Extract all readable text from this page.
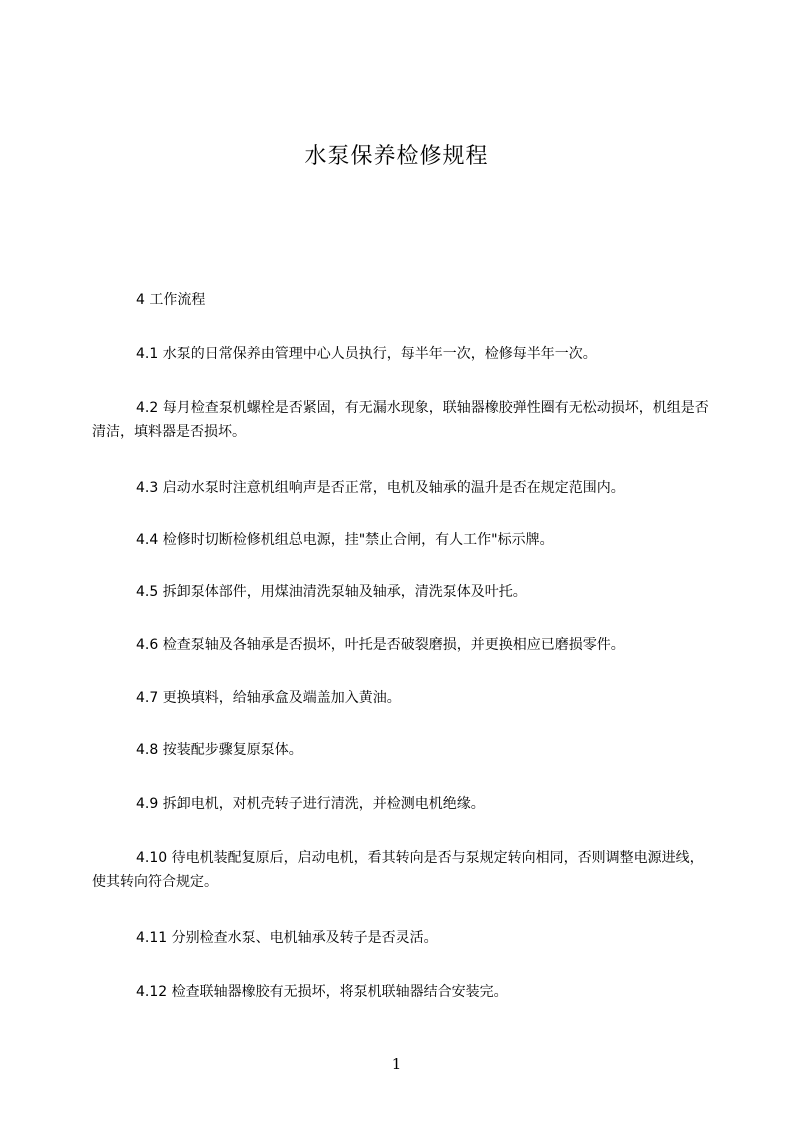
水泵保养检修规程
4 工作流程
4.1 水泵的日常保养由管理中心人员执行，每半年一次，检修每半年一次。
4.2 每月检查泵机螺栓是否紧固，有无漏水现象，联轴器橡胶弹性圈有无松动损坏，机组是否清洁，填料器是否损坏。
4.3 启动水泵时注意机组响声是否正常，电机及轴承的温升是否在规定范围内。
4.4 检修时切断检修机组总电源，挂"禁止合闸，有人工作"标示牌。
4.5 拆卸泵体部件，用煤油清洗泵轴及轴承，清洗泵体及叶托。
4.6 检查泵轴及各轴承是否损坏，叶托是否破裂磨损，并更换相应已磨损零件。
4.7 更换填料，给轴承盒及端盖加入黄油。
4.8 按装配步骤复原泵体。
4.9 拆卸电机，对机壳转子进行清洗，并检测电机绝缘。
4.10 待电机装配复原后，启动电机，看其转向是否与泵规定转向相同，否则调整电源进线，使其转向符合规定。
4.11 分别检查水泵、电机轴承及转子是否灵活。
4.12 检查联轴器橡胶有无损坏，将泵机联轴器结合安装完。
1
